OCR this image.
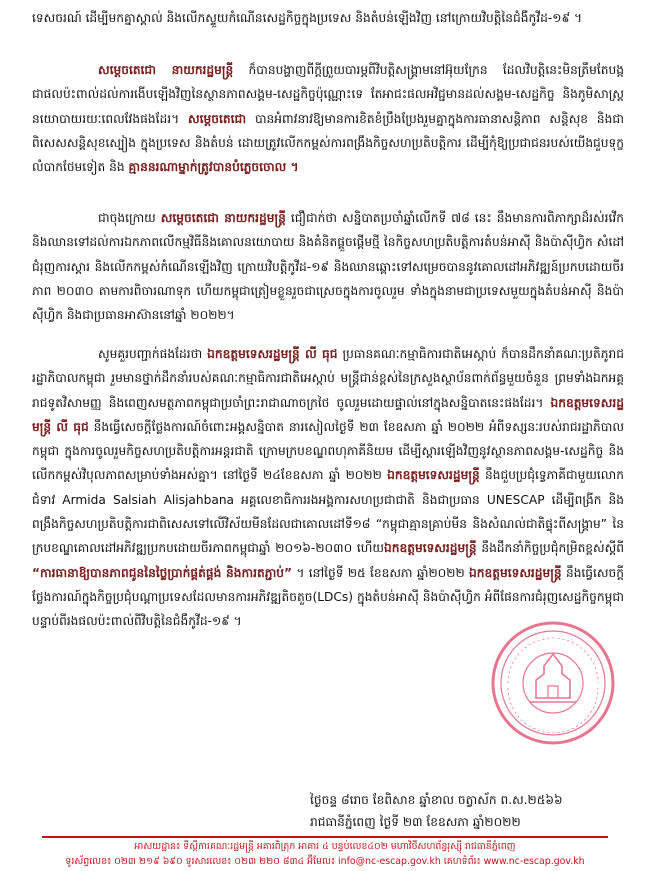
ទេសចរណ៍ ដើម្បីមកគ្នាស្គាល់ និងលើកស្ទួយកំណើនសេដ្ឋកិច្ចក្នុងប្រទេស និងតំបន់ឡើងវិញ នៅក្រោយវិបត្តិនៃជំងឺកូវីដ-១៩ ។

សម្តេចតេជោ នាយករដ្ឋមន្ត្រី ក៏បានបង្ហាញពីក្តីព្រួយបារម្ភពីវិបត្តិសង្គ្រាមនៅអ៊ុយក្រែន ដែលវិបត្តិនេះមិនត្រឹមតែបង្កជាផលប៉ះពាល់ដល់ការងើបឡើងវិញនៃស្ថានភាពសង្គម-សេដ្ឋកិច្ចប៉ុណ្ណោះទេ តែអាជះផលអវិជ្ជមានដល់សង្គម-សេដ្ឋកិច្ច និងភូមិសាស្ត្រនយោបាយរយៈពេលវែងផងដែរ។ សម្តេចតេជោ បានអំពាវនាវឱ្យមានការខិតខំប្រឹងប្រែងរួមគ្នាក្នុងការធានាសន្តិភាព សន្តិសុខ និងជាពិសេសសន្តិសុខស្បៀង ក្នុងប្រទេស និងតំបន់ ដោយត្រូវលើកកម្ពស់ការពង្រឹងកិច្ចសហប្រតិបត្តិការ ដើម្បីកុំឱ្យប្រជាជនរបស់យើងជួបទុក្ខលំបាកថែមទៀត និង គ្មាននរណាម្នាក់ត្រូវបានបំភ្លេចចោល ។

ជាចុងក្រោយ សម្តេចតេជោ នាយករដ្ឋមន្ត្រី ជឿជាក់ថា សន្និបាតប្រចាំឆ្នាំលើកទី ៧៨ នេះ នឹងមានការពិភាក្សាដ៏រស់រវើក និងឈានទៅដល់ការឯកភាពលើកម្មវិធីនិងគោលនយោបាយ និងគំនិតផ្តួចផ្តើមថ្មី នៃកិច្ចសហប្រតិបត្តិការតំបន់អាស៊ី និងប៉ាស៊ីហ្វិក សំដៅជំរុញការស្តារ និងលើកកម្ពស់កំណើនឡើងវិញ ក្រោយវិបត្តិកូវីដ-១៩ និងឈានឆ្ពោះទៅសម្រេចបាននូវគោលដៅអភិវឌ្ឍន៍ប្រកបដោយចីរភាព ២០៣០ តាមការពិចារណាទុក ហើយកម្ពុជាត្រៀមខ្លួនរួចជាស្រេចក្នុងការចូលរួម ទាំងក្នុងនាមជាប្រទេសមួយក្នុងតំបន់អាស៊ី និងប៉ាស៊ីហ្វិក និងជាប្រធានអាស៊ាននៅឆ្នាំ ២០២២។

សូមគួរបញ្ជាក់ផងដែរថា ឯកឧត្តមទេសរដ្ឋមន្ត្រី លី ធុជ ប្រធានគណៈកម្មាធិការជាតិអេស្កាប់ ក៏បានដឹកនាំគណៈប្រតិភូរាជរដ្ឋាភិបាលកម្ពុជា រួមមានថ្នាក់ដឹកនាំរបស់គណៈកម្មាធិការជាតិអេស្កាប់ មន្ត្រីជាន់ខ្ពស់នៃក្រសួងស្ថាប័នពាក់ព័ន្ធមួយចំនួន ព្រមទាំងឯកអគ្គរាជទូតវិសាមញ្ញ និងពេញសមត្ថភាពកម្ពុជាប្រចាំព្រះរាជាណាចក្រថៃ ចូលរួមដោយផ្ទាល់នៅក្នុងសន្និបាតនេះផងដែរ។ ឯកឧត្តមទេសរដ្ឋមន្ត្រី លី ធុជ នឹងធ្វើសេចក្តីថ្លែងការណ៍ចំពោះអង្គសន្និបាត នារសៀលថ្ងៃទី ២៣ ខែឧសភា ឆ្នាំ ២០២២ អំពីទស្សនៈរបស់រាជរដ្ឋាភិបាលកម្ពុជា ក្នុងការចូលរួមកិច្ចសហប្រតិបត្តិការអន្តរជាតិ ក្រោមក្របខណ្ឌពហុភាគីនិយម ដើម្បីស្តារឡើងវិញនូវស្ថានភាពសង្គម-សេដ្ឋកិច្ច និងលើកកម្ពស់វិបុលភាពសម្រាប់ទាំងអស់គ្នា។ នៅថ្ងៃទី ២៤ខែឧសភា ឆ្នាំ ២០២២ ឯកឧត្តមទេសរដ្ឋមន្ត្រី នឹងជួបប្រជុំទ្វេភាគីជាមួយលោកជំទាវ Armida Salsiah Alisjahbana អគ្គលេខាធិការរងអង្គការសហប្រជាជាតិ និងជាប្រធាន UNESCAP ដើម្បីពង្រីក និងពង្រឹងកិច្ចសហប្រតិបត្តិការជាពិសេសទៅលើវិស័យមីនដែលជាគោលដៅទី១៨ “កម្ពុជាគ្មានគ្រាប់មីន និងសំណល់ជាតិផ្ទុះពីសង្គ្រាម” នៃក្របខណ្ឌគោលដៅអភិវឌ្ឍប្រកបដោយចីរភាពកម្ពុជាឆ្នាំ ២០១៦-២០៣០ ហើយឯកឧត្តមទេសរដ្ឋមន្ត្រី នឹងដឹកនាំកិច្ចប្រជុំកម្រិតខ្ពស់ស្តីពី “ការធានាឱ្យបានភាពជូននៃថ្លៃប្រាក់ផ្គត់ផ្គង់ និងការតភ្ជាប់” ។ នៅថ្ងៃទី ២៥ ខែឧសភា ឆ្នាំ២០២២ ឯកឧត្តមទេសរដ្ឋមន្ត្រី នឹងធ្វើសេចក្តីថ្លែងការណ៍ក្នុងកិច្ចប្រជុំបណ្តាប្រទេសដែលមានការអភិវឌ្ឍតិចតួច(LDCs) ក្នុងតំបន់អាស៊ី និងប៉ាស៊ីហ្វិក អំពីផែនការជំរុញសេដ្ឋកិច្ចកម្ពុជា បន្ទាប់ពីរងផលប៉ះពាល់ពីវិបត្តិនៃជំងឺកូវីដ-១៩ ។

ថ្ងៃចន្ទ ៨រោច ខែពិសាខ ឆ្នាំខាល ចត្វាស័ក ព.ស.២៥៦៦
រាជធានីភ្នំពេញ ថ្ងៃទី ២៣ ខែឧសភា ឆ្នាំ២០២២
អាសយដ្ឋាន៖ ទីស្តីការគណៈរដ្ឋមន្ត្រី អគារពិត្រុក អាគារ ៤ បន្ទប់លេខ៤០២ មហាវិថីសហព័ន្ធរុស្ស៊ី រាជធានីភ្នំពេញ
ទូរស័ព្ទលេខ៖ ០២៣ ២១៩ ៦៩០ ទូរសារលេខ៖ ០២៣ ២២០ ៨៣៤ អ៊ីមែល៖ info@nc-escap.gov.kh គេហទំព័រ៖ www.nc-escap.gov.kh
